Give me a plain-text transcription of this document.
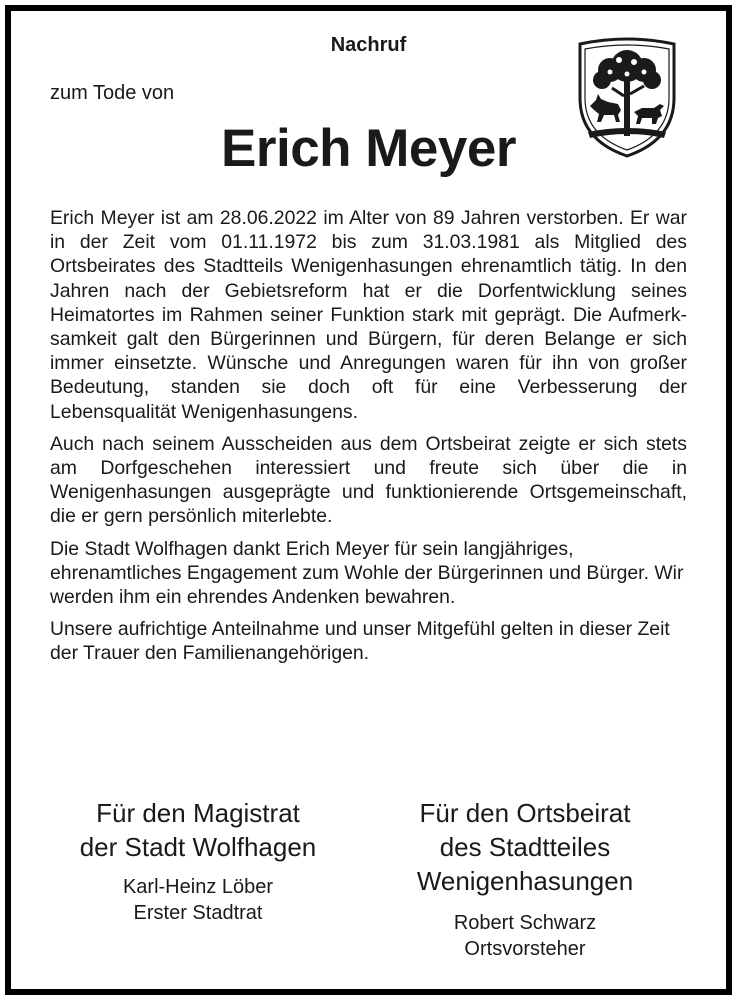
Nachruf
zum Tode von
Erich Meyer

Erich Meyer ist am 28.06.2022 im Alter von 89 Jahren verstorben. Er war in der Zeit vom 01.11.1972 bis zum 31.03.1981 als Mitglied des Ortsbeirates des Stadtteils Wenigenhasungen ehrenamtlich tätig. In den Jahren nach der Gebietsreform hat er die Dorfentwicklung seines Heimatortes im Rahmen seiner Funktion stark mit geprägt. Die Aufmerk-samkeit galt den Bürgerinnen und Bürgern, für deren Belange er sich immer einsetzte. Wünsche und Anregungen waren für ihn von großer Bedeutung, standen sie doch oft für eine Verbesserung der Lebensqualität Wenigenhasungens.

Auch nach seinem Ausscheiden aus dem Ortsbeirat zeigte er sich stets am Dorfgeschehen interessiert und freute sich über die in Wenigenhasungen ausgeprägte und funktionierende Ortsgemeinschaft, die er gern persönlich miterlebte.

Die Stadt Wolfhagen dankt Erich Meyer für sein langjähriges, ehrenamtliches Engagement zum Wohle der Bürgerinnen und Bürger. Wir werden ihm ein ehrendes Andenken bewahren.

Unsere aufrichtige Anteilnahme und unser Mitgefühl gelten in dieser Zeit der Trauer den Familienangehörigen.

Für den Magistrat
der Stadt Wolfhagen
Karl-Heinz Löber
Erster Stadtrat
Für den Ortsbeirat
des Stadtteiles
Wenigenhasungen
Robert Schwarz
Ortsvorsteher
